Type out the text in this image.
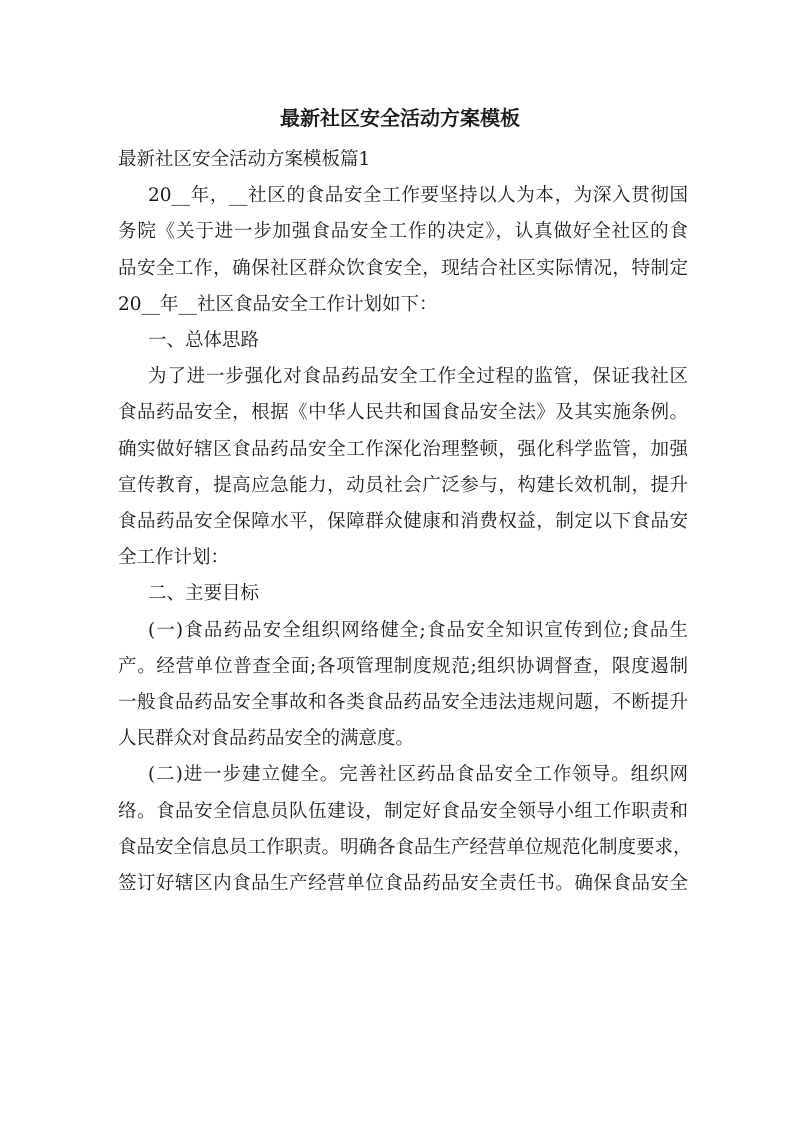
最新社区安全活动方案模板

最新社区安全活动方案模板篇1

20__年，__社区的食品安全工作要坚持以人为本，为深入贯彻国

务院《关于进一步加强食品安全工作的决定》，认真做好全社区的食

品安全工作，确保社区群众饮食安全，现结合社区实际情况，特制定

20__年__社区食品安全工作计划如下：

一、总体思路

为了进一步强化对食品药品安全工作全过程的监管，保证我社区

食品药品安全，根据《中华人民共和国食品安全法》及其实施条例。

确实做好辖区食品药品安全工作深化治理整顿，强化科学监管，加强

宣传教育，提高应急能力，动员社会广泛参与，构建长效机制，提升

食品药品安全保障水平，保障群众健康和消费权益，制定以下食品安

全工作计划：

二、主要目标

(一)食品药品安全组织网络健全;食品安全知识宣传到位;食品生

产。经营单位普查全面;各项管理制度规范;组织协调督查，限度遏制

一般食品药品安全事故和各类食品药品安全违法违规问题，不断提升

人民群众对食品药品安全的满意度。

(二)进一步建立健全。完善社区药品食品安全工作领导。组织网

络。食品安全信息员队伍建设，制定好食品安全领导小组工作职责和

食品安全信息员工作职责。明确各食品生产经营单位规范化制度要求，

签订好辖区内食品生产经营单位食品药品安全责任书。确保食品安全
